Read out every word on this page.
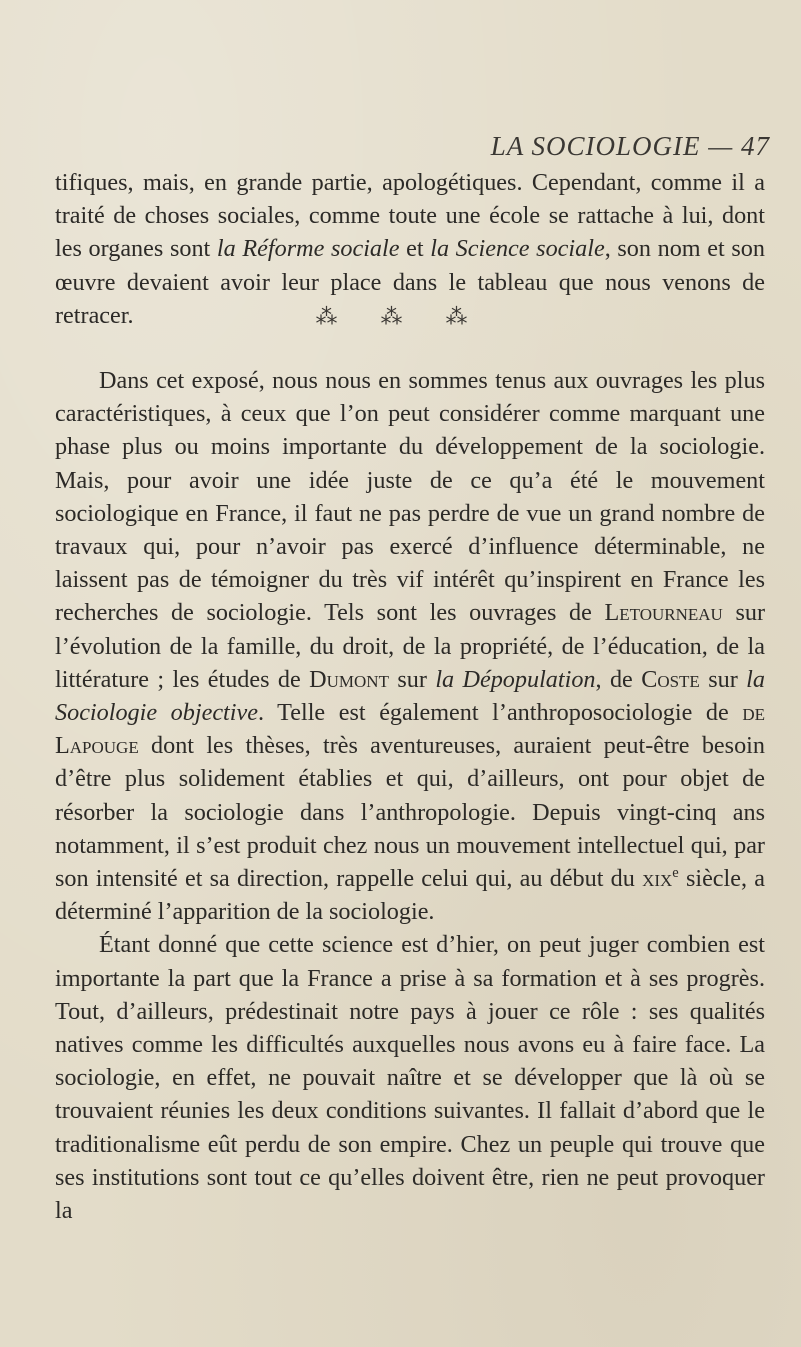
LA SOCIOLOGIE — 47

tifiques, mais, en grande partie, apologétiques. Cependant, comme il a traité de choses sociales, comme toute une école se rattache à lui, dont les organes sont la Réforme sociale et la Science sociale, son nom et son œuvre devaient avoir leur place dans le tableau que nous venons de retracer.	⁂ ⁂ ⁂

Dans cet exposé, nous nous en sommes tenus aux ouvrages les plus caractéristiques, à ceux que l’on peut considérer comme marquant une phase plus ou moins importante du développement de la sociologie. Mais, pour avoir une idée juste de ce qu’a été le mouvement sociologique en France, il faut ne pas perdre de vue un grand nombre de travaux qui, pour n’avoir pas exercé d’influence déterminable, ne laissent pas de témoigner du très vif intérêt qu’inspirent en France les recherches de sociologie. Tels sont les ouvrages de Letourneau sur l’évolution de la famille, du droit, de la propriété, de l’éducation, de la littérature ; les études de Dumont sur la Dépopulation, de Coste sur la Sociologie objective. Telle est également l’anthroposociologie de de Lapouge dont les thèses, très aventureuses, auraient peut-être besoin d’être plus solidement établies et qui, d’ailleurs, ont pour objet de résorber la sociologie dans l’anthropologie. Depuis vingt-cinq ans notamment, il s’est produit chez nous un mouvement intellectuel qui, par son intensité et sa direction, rappelle celui qui, au début du xix$^e$ siècle, a déterminé l’apparition de la sociologie.

Étant donné que cette science est d’hier, on peut juger combien est importante la part que la France a prise à sa formation et à ses progrès. Tout, d’ailleurs, prédestinait notre pays à jouer ce rôle : ses qualités natives comme les difficultés auxquelles nous avons eu à faire face. La sociologie, en effet, ne pouvait naître et se développer que là où se trouvaient réunies les deux conditions suivantes. Il fallait d’abord que le traditionalisme eût perdu de son empire. Chez un peuple qui trouve que ses institutions sont tout ce qu’elles doivent être, rien ne peut provoquer la
